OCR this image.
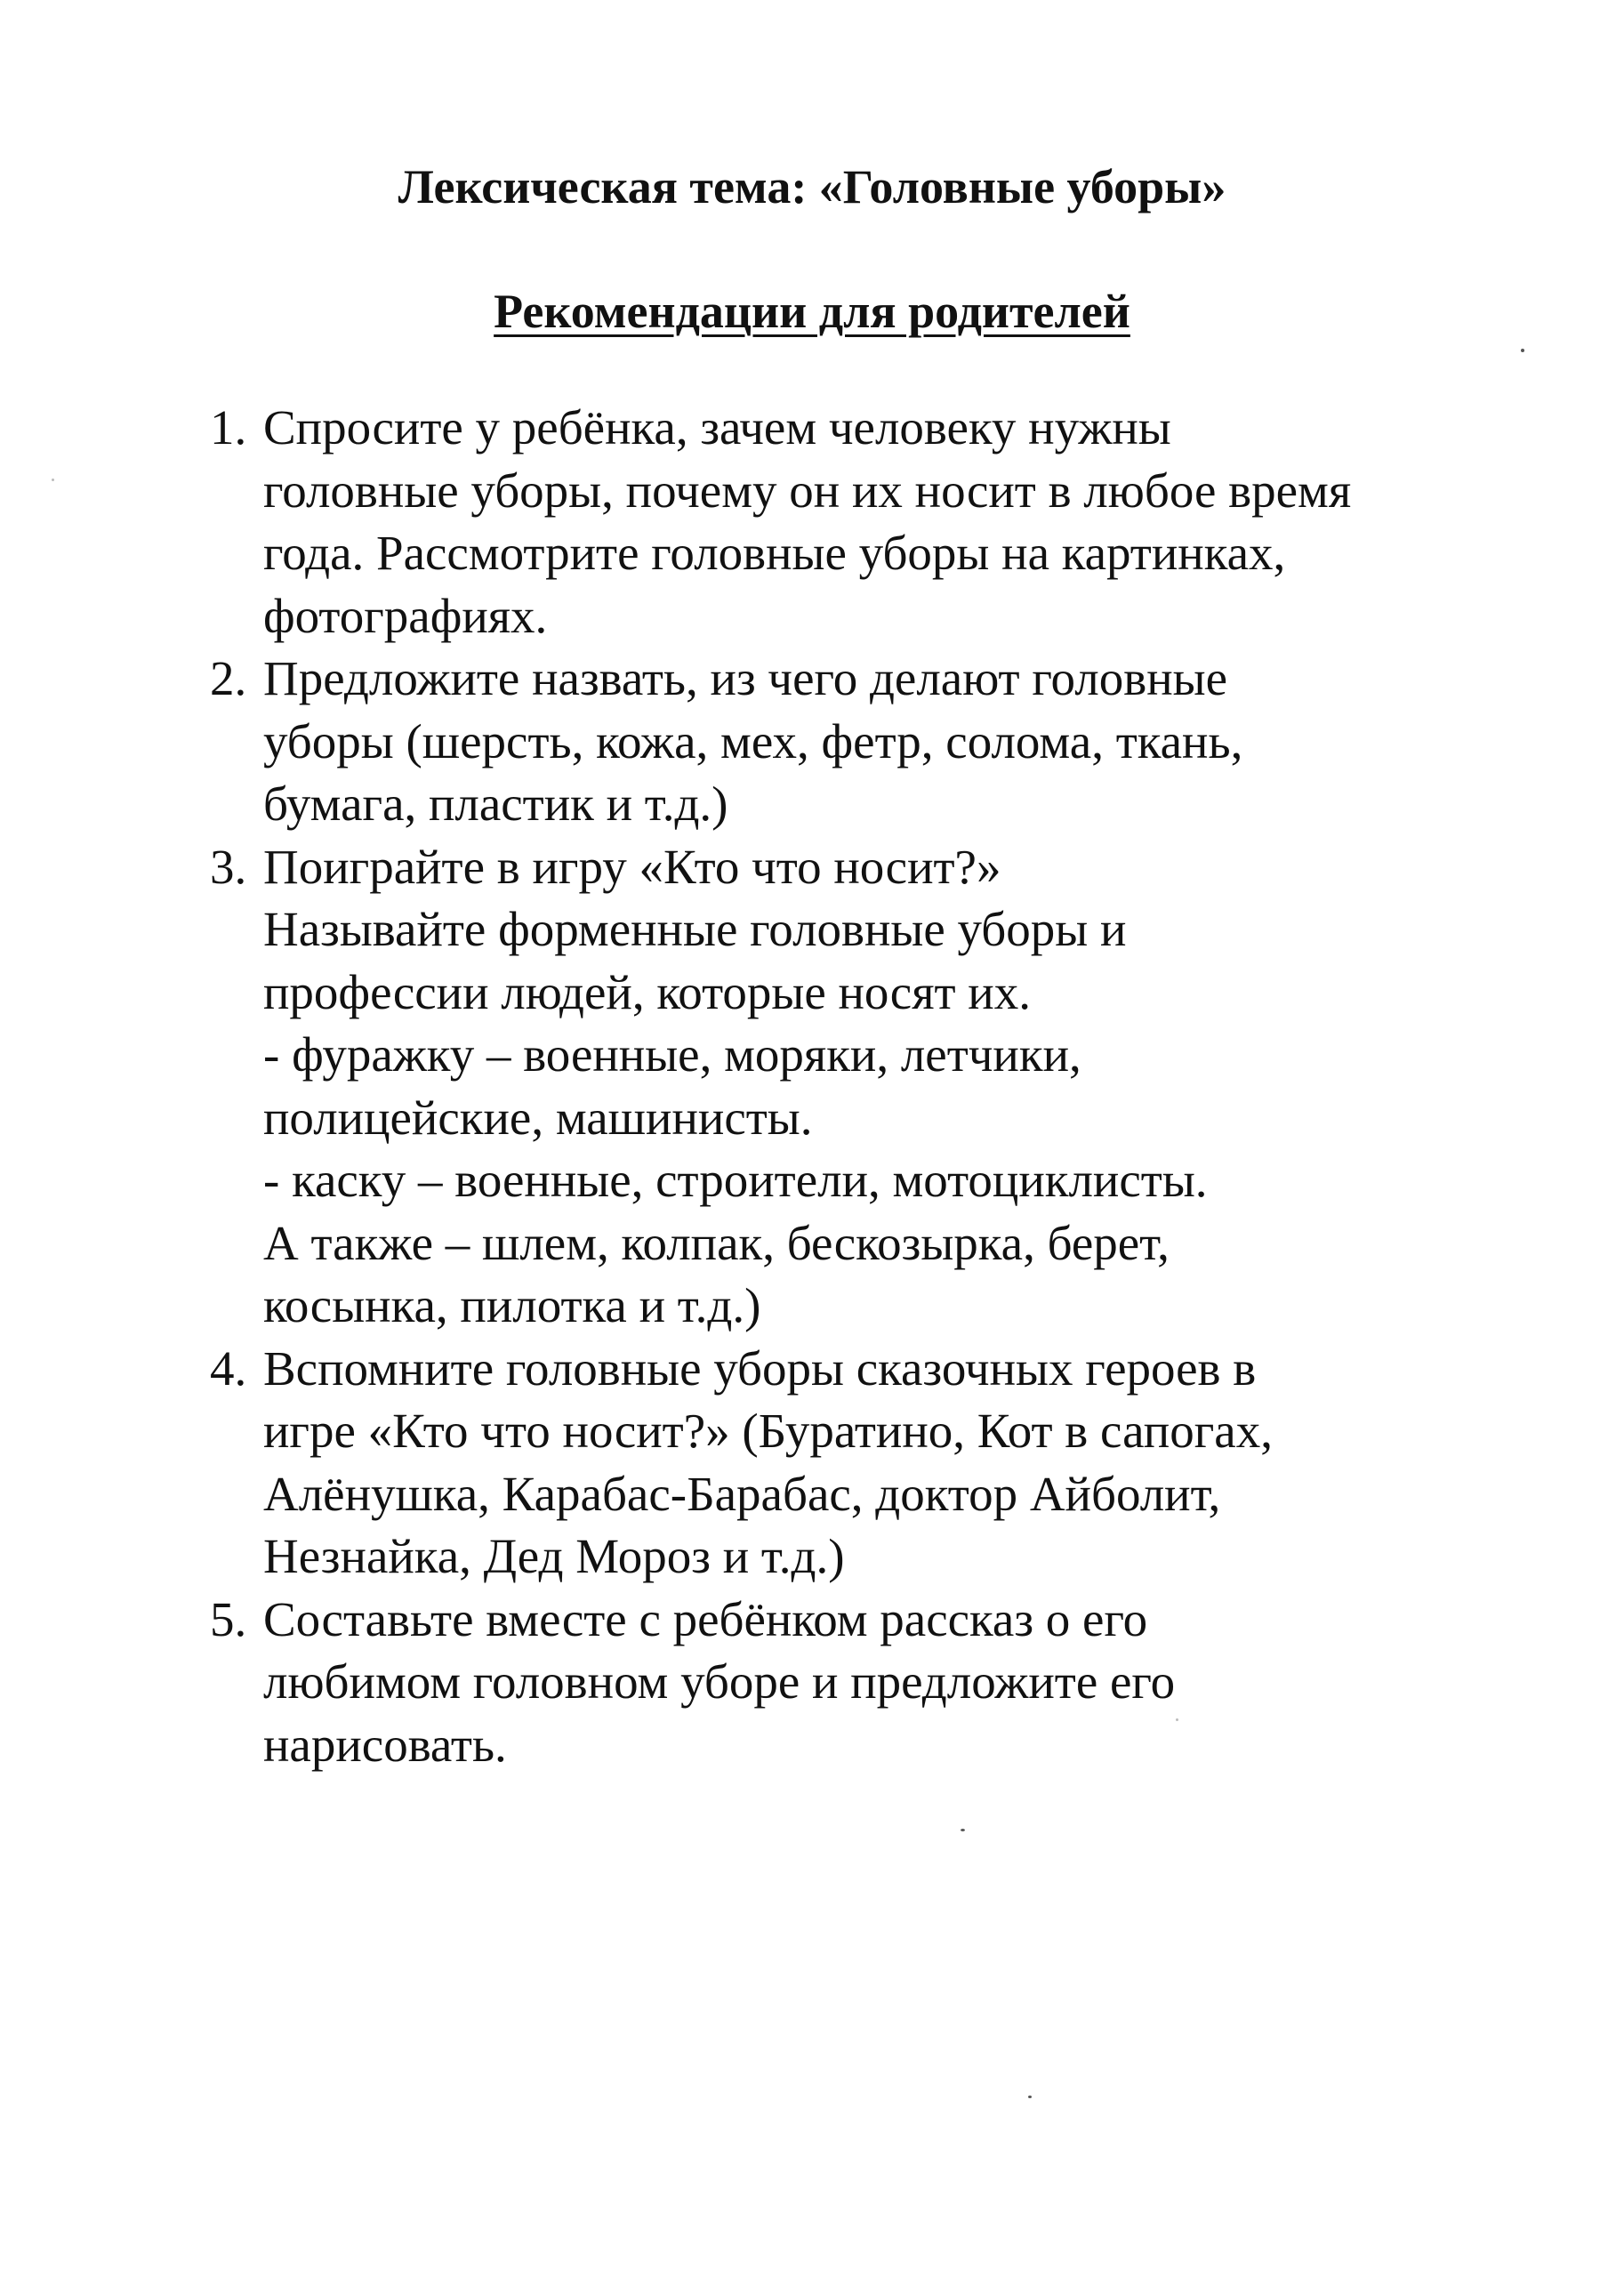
Лексическая тема: «Головные уборы»
Рекомендации для родителей
1. Спросите у ребёнка, зачем человеку нужны
головные уборы, почему он их носит в любое время
года. Рассмотрите головные уборы на картинках,
фотографиях.
2. Предложите назвать, из чего делают головные
уборы (шерсть, кожа, мех, фетр, солома, ткань,
бумага, пластик и т.д.)
3. Поиграйте в игру «Кто что носит?»
Называйте форменные головные уборы и
профессии людей, которые носят их.
- фуражку – военные, моряки, летчики,
полицейские, машинисты.
- каску – военные, строители, мотоциклисты.
А также – шлем, колпак, бескозырка, берет,
косынка, пилотка и т.д.)
4. Вспомните головные уборы сказочных героев в
игре «Кто что носит?» (Буратино, Кот в сапогах,
Алёнушка, Карабас-Барабас, доктор Айболит,
Незнайка, Дед Мороз и т.д.)
5. Составьте вместе с ребёнком рассказ о его
любимом головном уборе и предложите его
нарисовать.
